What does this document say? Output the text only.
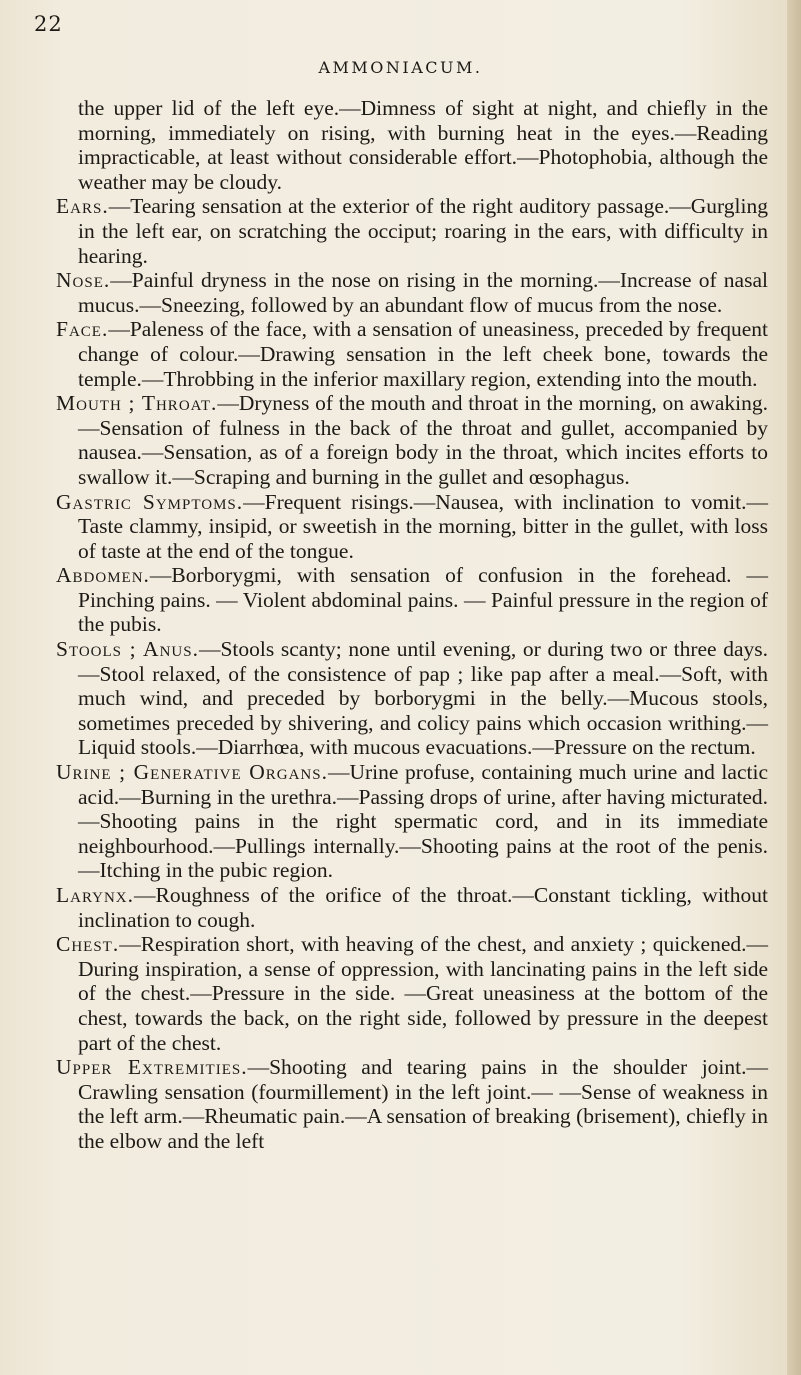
22
AMMONIACUM.

the upper lid of the left eye.—Dimness of sight at night, and chiefly in the morning, immediately on rising, with burning heat in the eyes.—Reading impracticable, at least without considerable effort.—Photophobia, although the weather may be cloudy.

Ears.—Tearing sensation at the exterior of the right auditory passage.—Gurgling in the left ear, on scratching the occiput; roaring in the ears, with difficulty in hearing.

Nose.—Painful dryness in the nose on rising in the morning.—Increase of nasal mucus.—Sneezing, followed by an abundant flow of mucus from the nose.

Face.—Paleness of the face, with a sensation of uneasiness, preceded by frequent change of colour.—Drawing sensation in the left cheek bone, towards the temple.—Throbbing in the inferior maxillary region, extending into the mouth.

Mouth ; Throat.—Dryness of the mouth and throat in the morning, on awaking.—Sensation of fulness in the back of the throat and gullet, accompanied by nausea.—Sensation, as of a foreign body in the throat, which incites efforts to swallow it.—Scraping and burning in the gullet and œsophagus.

Gastric Symptoms.—Frequent risings.—Nausea, with inclination to vomit.—Taste clammy, insipid, or sweetish in the morning, bitter in the gullet, with loss of taste at the end of the tongue.

Abdomen.—Borborygmi, with sensation of confusion in the forehead. — Pinching pains. — Violent abdominal pains. — Painful pressure in the region of the pubis.

Stools ; Anus.—Stools scanty; none until evening, or during two or three days.—Stool relaxed, of the consistence of pap ; like pap after a meal.—Soft, with much wind, and preceded by borborygmi in the belly.—Mucous stools, sometimes preceded by shivering, and colicy pains which occasion writhing.—Liquid stools.—Diarrhœa, with mucous evacuations.—Pressure on the rectum.

Urine ; Generative Organs.—Urine profuse, containing much urine and lactic acid.—Burning in the urethra.—Passing drops of urine, after having micturated.—Shooting pains in the right spermatic cord, and in its immediate neighbourhood.—Pullings internally.—Shooting pains at the root of the penis.—Itching in the pubic region.

Larynx.—Roughness of the orifice of the throat.—Constant tickling, without inclination to cough.

Chest.—Respiration short, with heaving of the chest, and anxiety ; quickened.—During inspiration, a sense of oppression, with lancinating pains in the left side of the chest.—Pressure in the side. —Great uneasiness at the bottom of the chest, towards the back, on the right side, followed by pressure in the deepest part of the chest.

Upper Extremities.—Shooting and tearing pains in the shoulder joint.—Crawling sensation (fourmillement) in the left joint.— —Sense of weakness in the left arm.—Rheumatic pain.—A sensation of breaking (brisement), chiefly in the elbow and the left
